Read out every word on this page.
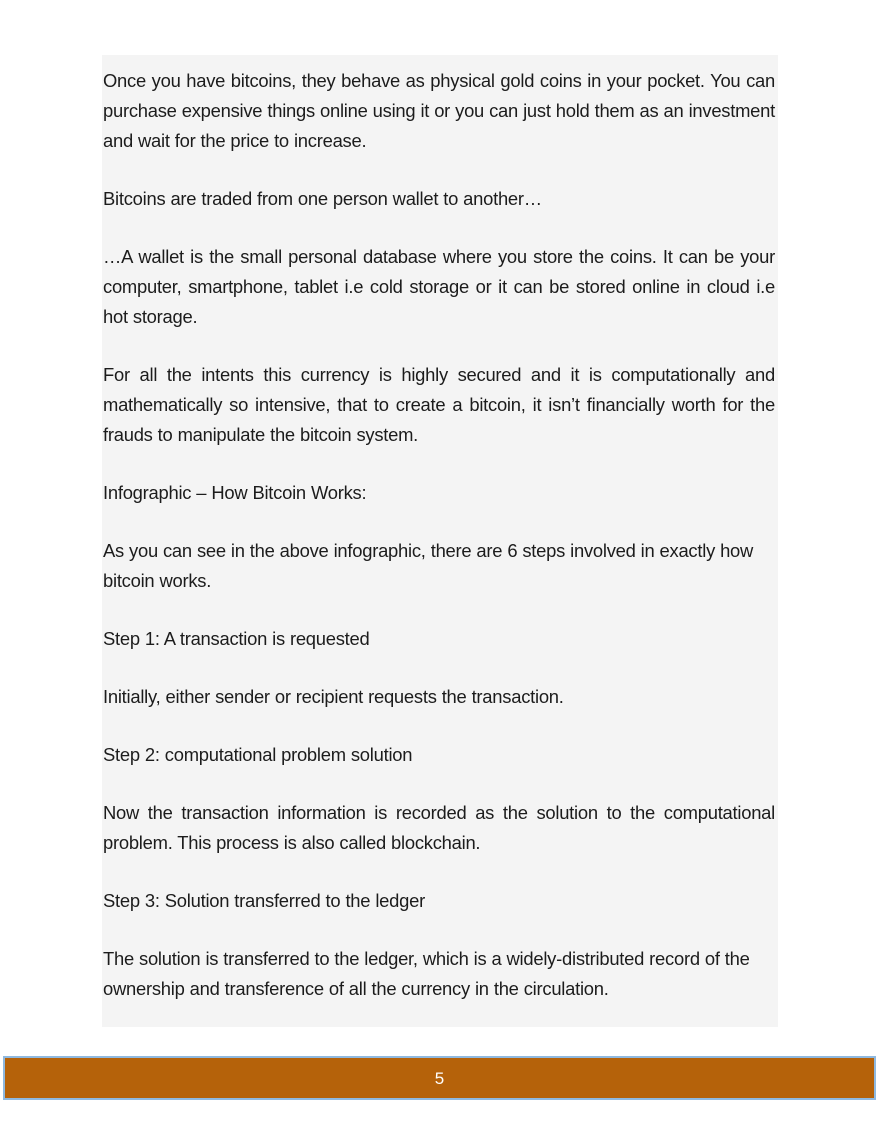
Once you have bitcoins, they behave as physical gold coins in your pocket. You can purchase expensive things online using it or you can just hold them as an investment and wait for the price to increase.

Bitcoins are traded from one person wallet to another…

…A wallet is the small personal database where you store the coins. It can be your computer, smartphone, tablet i.e cold storage or it can be stored online in cloud i.e hot storage.

For all the intents this currency is highly secured and it is computationally and mathematically so intensive, that to create a bitcoin, it isn’t financially worth for the frauds to manipulate the bitcoin system.

Infographic – How Bitcoin Works:

As you can see in the above infographic, there are 6 steps involved in exactly how bitcoin works.

Step 1: A transaction is requested

Initially, either sender or recipient requests the transaction.

Step 2: computational problem solution

Now the transaction information is recorded as the solution to the computational problem. This process is also called blockchain.

Step 3: Solution transferred to the ledger

The solution is transferred to the ledger, which is a widely-distributed record of the ownership and transference of all the currency in the circulation.

5
